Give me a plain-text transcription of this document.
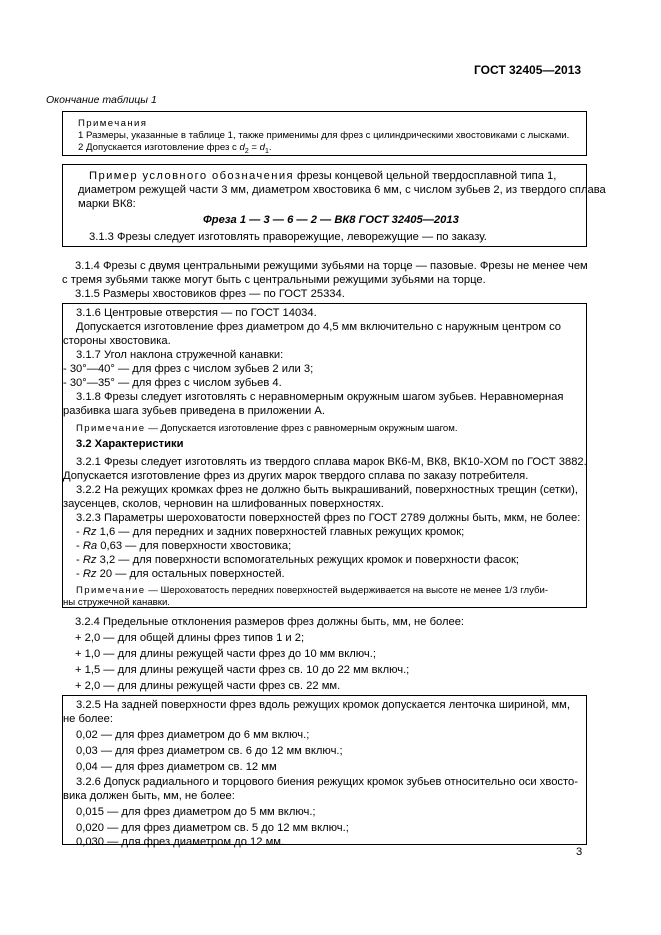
ГОСТ 32405—2013
Окончание таблицы 1
Примечания
1 Размеры, указанные в таблице 1, также применимы для фрез с цилиндрическими хвостовиками с лысками.
2 Допускается изготовление фрез с $d_2 = d_1$.
Пример условного обозначения фрезы концевой цельной твердосплавной типа 1,
диаметром режущей части 3 мм, диаметром хвостовика 6 мм, с числом зубьев 2, из твердого сплава
марки ВК8:
Фреза 1 — 3 — 6 — 2 — ВК8 ГОСТ 32405—2013
3.1.3 Фрезы следует изготовлять праворежущие, леворежущие — по заказу.
3.1.4 Фрезы с двумя центральными режущими зубьями на торце — пазовые. Фрезы не менее чем
с тремя зубьями также могут быть с центральными режущими зубьями на торце.
3.1.5 Размеры хвостовиков фрез — по ГОСТ 25334.
3.1.6 Центровые отверстия — по ГОСТ 14034.
Допускается изготовление фрез диаметром до 4,5 мм включительно с наружным центром со
стороны хвостовика.
3.1.7 Угол наклона стружечной канавки:
- 30°—40° — для фрез с числом зубьев 2 или 3;
- 30°—35° — для фрез с числом зубьев 4.
3.1.8 Фрезы следует изготовлять с неравномерным окружным шагом зубьев. Неравномерная
разбивка шага зубьев приведена в приложении А.
Примечание — Допускается изготовление фрез с равномерным окружным шагом.
3.2 Характеристики
3.2.1 Фрезы следует изготовлять из твердого сплава марок ВК6-М, ВК8, ВК10-ХОМ по ГОСТ 3882.
Допускается изготовление фрез из других марок твердого сплава по заказу потребителя.
3.2.2 На режущих кромках фрез не должно быть выкрашиваний, поверхностных трещин (сетки),
заусенцев, сколов, черновин на шлифованных поверхностях.
3.2.3 Параметры шероховатости поверхностей фрез по ГОСТ 2789 должны быть, мкм, не более:
- Rz 1,6 — для передних и задних поверхностей главных режущих кромок;
- Ra 0,63 — для поверхности хвостовика;
- Rz 3,2 — для поверхности вспомогательных режущих кромок и поверхности фасок;
- Rz 20 — для остальных поверхностей.
Примечание — Шероховатость передних поверхностей выдерживается на высоте не менее 1/3 глуби-
ны стружечной канавки.
3.2.4 Предельные отклонения размеров фрез должны быть, мм, не более:
+ 2,0 — для общей длины фрез типов 1 и 2;
+ 1,0 — для длины режущей части фрез до 10 мм включ.;
+ 1,5 — для длины режущей части фрез св. 10 до 22 мм включ.;
+ 2,0 — для длины режущей части фрез св. 22 мм.
3.2.5 На задней поверхности фрез вдоль режущих кромок допускается ленточка шириной, мм,
не более:
0,02 — для фрез диаметром до 6 мм включ.;
0,03 — для фрез диаметром св. 6 до 12 мм включ.;
0,04 — для фрез диаметром св. 12 мм
3.2.6 Допуск радиального и торцового биения режущих кромок зубьев относительно оси хвосто-
вика должен быть, мм, не более:
0,015 — для фрез диаметром до 5 мм включ.;
0,020 — для фрез диаметром св. 5 до 12 мм включ.;
0,030 — для фрез диаметром до 12 мм.
3
